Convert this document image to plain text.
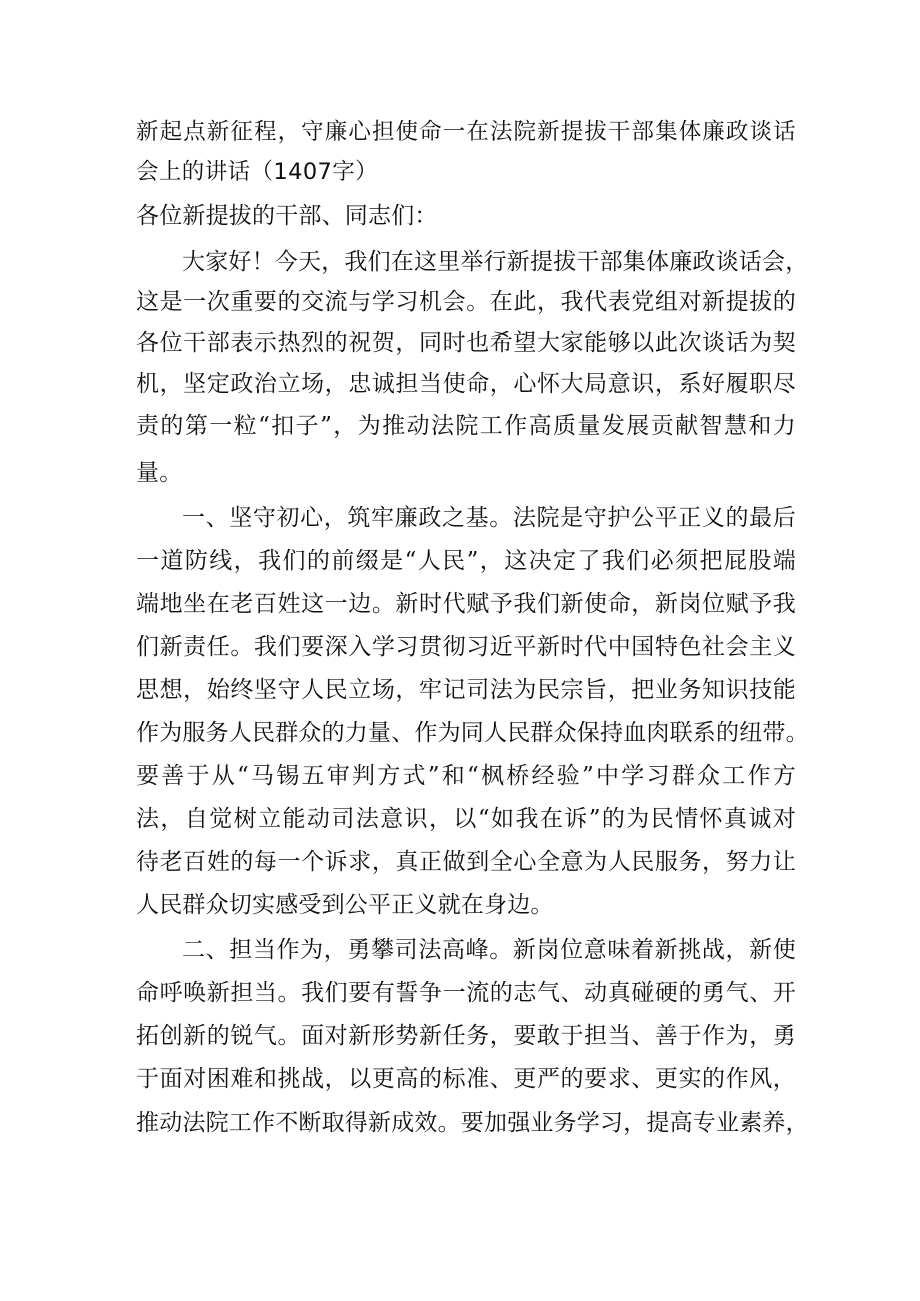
新起点新征程，守廉心担使命一在法院新提拔干部集体廉政谈话
会上的讲话（1407字）
各位新提拔的干部、同志们：
大家好！今天，我们在这里举行新提拔干部集体廉政谈话会，
这是一次重要的交流与学习机会。在此，我代表党组对新提拔的
各位干部表示热烈的祝贺，同时也希望大家能够以此次谈话为契
机，坚定政治立场，忠诚担当使命，心怀大局意识，系好履职尽
责的第一粒“扣子”，为推动法院工作高质量发展贡献智慧和力
量。
一、坚守初心，筑牢廉政之基。法院是守护公平正义的最后
一道防线，我们的前缀是“人民”，这决定了我们必须把屁股端
端地坐在老百姓这一边。新时代赋予我们新使命，新岗位赋予我
们新责任。我们要深入学习贯彻习近平新时代中国特色社会主义
思想，始终坚守人民立场，牢记司法为民宗旨，把业务知识技能
作为服务人民群众的力量、作为同人民群众保持血肉联系的纽带。
要善于从“马锡五审判方式”和“枫桥经验”中学习群众工作方
法，自觉树立能动司法意识，以“如我在诉”的为民情怀真诚对
待老百姓的每一个诉求，真正做到全心全意为人民服务，努力让
人民群众切实感受到公平正义就在身边。
二、担当作为，勇攀司法高峰。新岗位意味着新挑战，新使
命呼唤新担当。我们要有誓争一流的志气、动真碰硬的勇气、开
拓创新的锐气。面对新形势新任务，要敢于担当、善于作为，勇
于面对困难和挑战，以更高的标准、更严的要求、更实的作风，
推动法院工作不断取得新成效。要加强业务学习，提高专业素养，
